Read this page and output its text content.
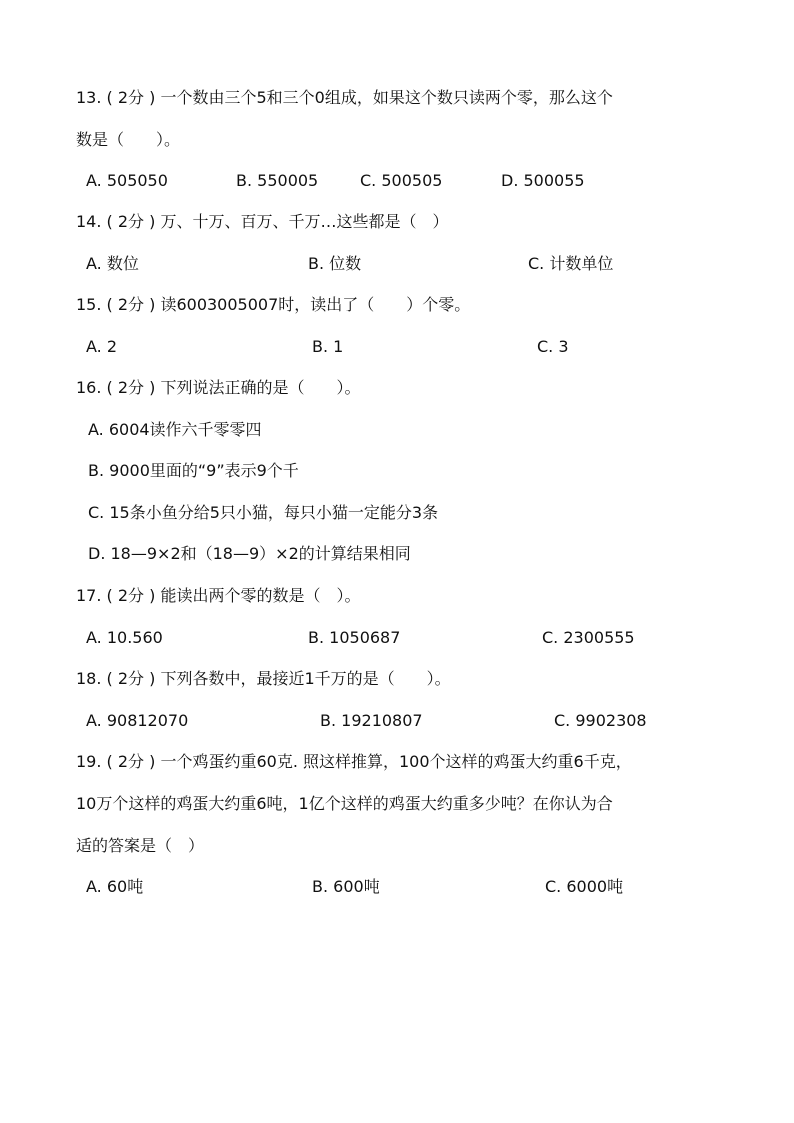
13. ( 2分 ) 一个数由三个5和三个0组成，如果这个数只读两个零，那么这个
数是（　　）。
A. 505050	B. 550005	C. 500505	D. 500055
14. ( 2分 ) 万、十万、百万、千万…这些都是（　）
A. 数位	B. 位数	C. 计数单位
15. ( 2分 ) 读6003005007时，读出了（　　）个零。
A. 2	B. 1	C. 3
16. ( 2分 ) 下列说法正确的是（　　）。
A. 6004读作六千零零四
B. 9000里面的“9”表示9个千
C. 15条小鱼分给5只小猫，每只小猫一定能分3条
D. 18—9×2和（18—9）×2的计算结果相同
17. ( 2分 ) 能读出两个零的数是（　）。
A. 10.560	B. 1050687	C. 2300555
18. ( 2分 ) 下列各数中，最接近1千万的是（　　）。
A. 90812070	B. 19210807	C. 9902308
19. ( 2分 ) 一个鸡蛋约重60克. 照这样推算，100个这样的鸡蛋大约重6千克，
10万个这样的鸡蛋大约重6吨，1亿个这样的鸡蛋大约重多少吨？在你认为合
适的答案是（　）
A. 60吨	B. 600吨	C. 6000吨
